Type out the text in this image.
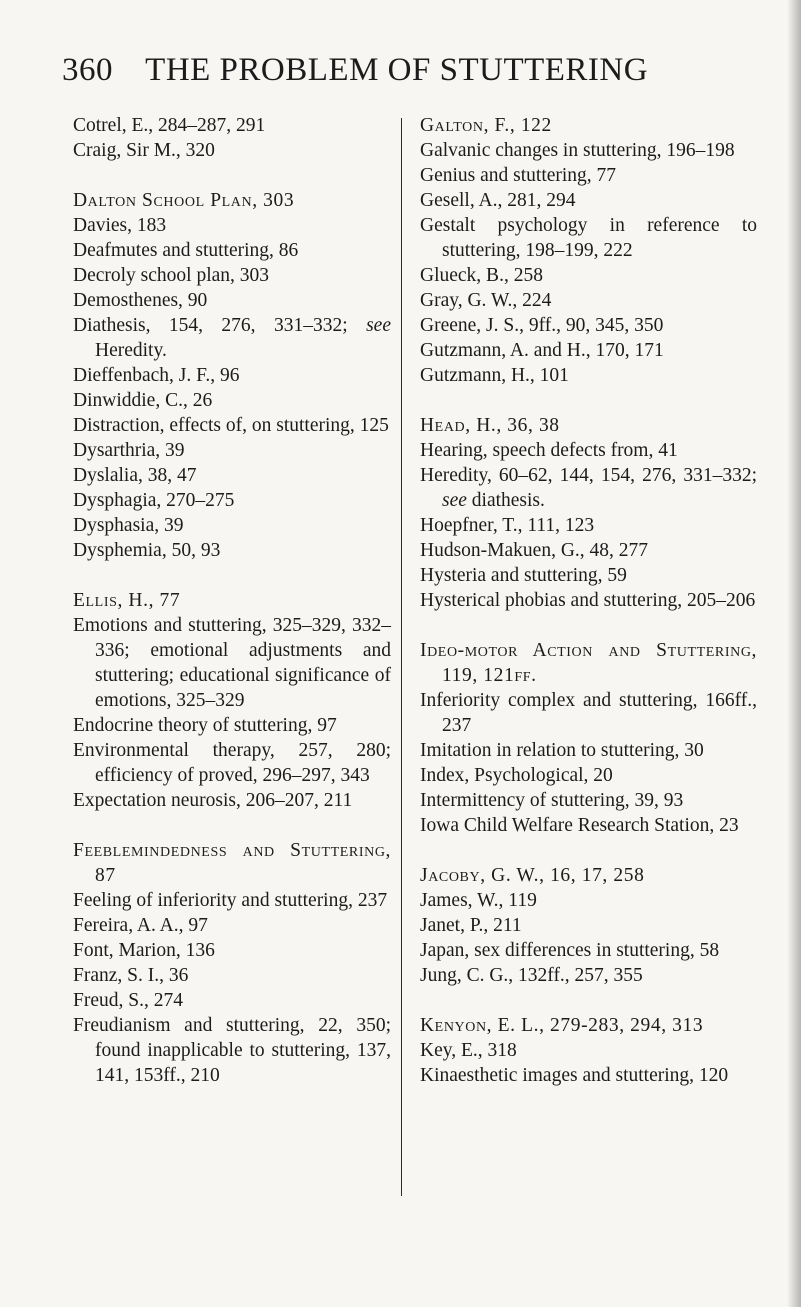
360 THE PROBLEM OF STUTTERING
Cotrel, E., 284–287, 291
Craig, Sir M., 320
Dalton School Plan, 303
Davies, 183
Deafmutes and stuttering, 86
Decroly school plan, 303
Demosthenes, 90
Diathesis, 154, 276, 331–332; see Heredity.
Dieffenbach, J. F., 96
Dinwiddie, C., 26
Distraction, effects of, on stuttering, 125
Dysarthria, 39
Dyslalia, 38, 47
Dysphagia, 270–275
Dysphasia, 39
Dysphemia, 50, 93
Ellis, H., 77
Emotions and stuttering, 325–329, 332–336; emotional adjustments and stuttering; educational significance of emotions, 325–329
Endocrine theory of stuttering, 97
Environmental therapy, 257, 280; efficiency of proved, 296–297, 343
Expectation neurosis, 206–207, 211
Feeblemindedness and Stuttering, 87
Feeling of inferiority and stuttering, 237
Fereira, A. A., 97
Font, Marion, 136
Franz, S. I., 36
Freud, S., 274
Freudianism and stuttering, 22, 350; found inapplicable to stuttering, 137, 141, 153ff., 210
Galton, F., 122
Galvanic changes in stuttering, 196–198
Genius and stuttering, 77
Gesell, A., 281, 294
Gestalt psychology in reference to stuttering, 198–199, 222
Glueck, B., 258
Gray, G. W., 224
Greene, J. S., 9ff., 90, 345, 350
Gutzmann, A. and H., 170, 171
Gutzmann, H., 101
Head, H., 36, 38
Hearing, speech defects from, 41
Heredity, 60–62, 144, 154, 276, 331–332; see diathesis.
Hoepfner, T., 111, 123
Hudson-Makuen, G., 48, 277
Hysteria and stuttering, 59
Hysterical phobias and stuttering, 205–206
Ideo-motor Action and Stuttering, 119, 121ff.
Inferiority complex and stuttering, 166ff., 237
Imitation in relation to stuttering, 30
Index, Psychological, 20
Intermittency of stuttering, 39, 93
Iowa Child Welfare Research Station, 23
Jacoby, G. W., 16, 17, 258
James, W., 119
Janet, P., 211
Japan, sex differences in stuttering, 58
Jung, C. G., 132ff., 257, 355
Kenyon, E. L., 279-283, 294, 313
Key, E., 318
Kinaesthetic images and stuttering, 120
